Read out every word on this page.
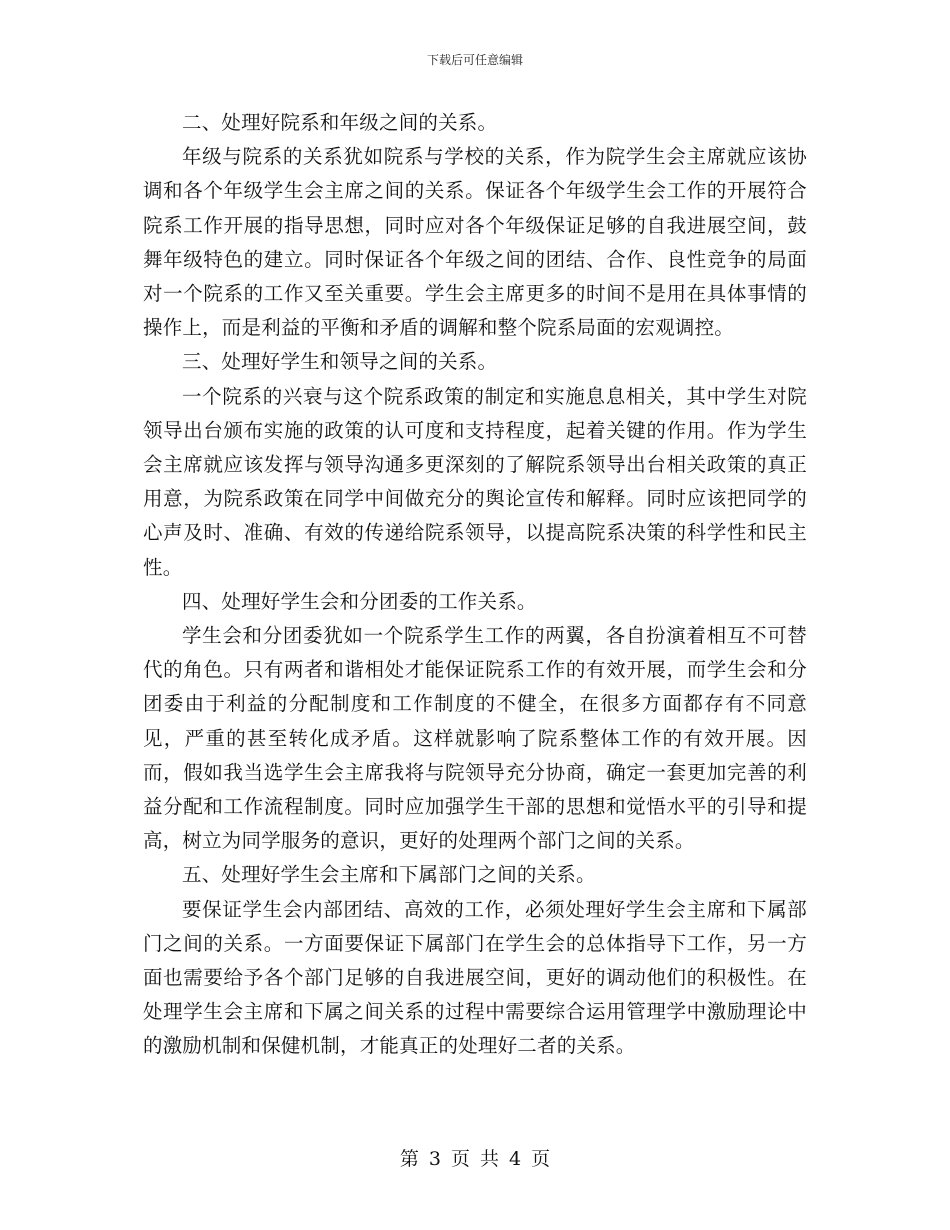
下载后可任意编辑

二、处理好院系和年级之间的关系。

年级与院系的关系犹如院系与学校的关系，作为院学生会主席就应该协调和各个年级学生会主席之间的关系。保证各个年级学生会工作的开展符合院系工作开展的指导思想，同时应对各个年级保证足够的自我进展空间，鼓舞年级特色的建立。同时保证各个年级之间的团结、合作、良性竞争的局面对一个院系的工作又至关重要。学生会主席更多的时间不是用在具体事情的操作上，而是利益的平衡和矛盾的调解和整个院系局面的宏观调控。

三、处理好学生和领导之间的关系。

一个院系的兴衰与这个院系政策的制定和实施息息相关，其中学生对院领导出台颁布实施的政策的认可度和支持程度，起着关键的作用。作为学生会主席就应该发挥与领导沟通多更深刻的了解院系领导出台相关政策的真正用意，为院系政策在同学中间做充分的舆论宣传和解释。同时应该把同学的心声及时、准确、有效的传递给院系领导，以提高院系决策的科学性和民主性。

四、处理好学生会和分团委的工作关系。

学生会和分团委犹如一个院系学生工作的两翼，各自扮演着相互不可替代的角色。只有两者和谐相处才能保证院系工作的有效开展，而学生会和分团委由于利益的分配制度和工作制度的不健全，在很多方面都存有不同意见，严重的甚至转化成矛盾。这样就影响了院系整体工作的有效开展。因而，假如我当选学生会主席我将与院领导充分协商，确定一套更加完善的利益分配和工作流程制度。同时应加强学生干部的思想和觉悟水平的引导和提高，树立为同学服务的意识，更好的处理两个部门之间的关系。

五、处理好学生会主席和下属部门之间的关系。

要保证学生会内部团结、高效的工作，必须处理好学生会主席和下属部门之间的关系。一方面要保证下属部门在学生会的总体指导下工作，另一方面也需要给予各个部门足够的自我进展空间，更好的调动他们的积极性。在处理学生会主席和下属之间关系的过程中需要综合运用管理学中激励理论中的激励机制和保健机制，才能真正的处理好二者的关系。

第 3 页 共 4 页
